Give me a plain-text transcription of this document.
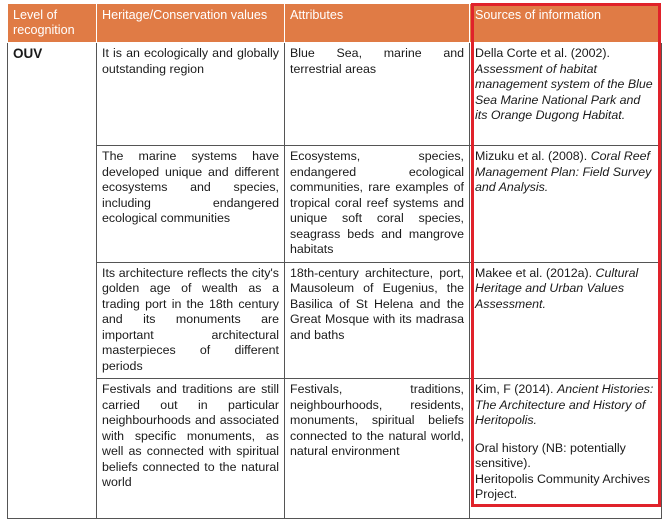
Level of recognition	Heritage/Conservation values	Attributes	Sources of information
OUV	It is an ecologically and globally outstanding region	Blue Sea, marine and terrestrial areas	Della Corte et al. (2002). Assessment of habitat management system of the Blue Sea Marine National Park and its Orange Dugong Habitat.
	The marine systems have developed unique and different ecosystems and species, including endangered ecological communities	Ecosystems, species, endangered ecological communities, rare examples of tropical coral reef systems and unique soft coral species, seagrass beds and mangrove habitats	Mizuku et al. (2008). Coral Reef Management Plan: Field Survey and Analysis.
	Its architecture reflects the city's golden age of wealth as a trading port in the 18th century and its monuments are important architectural masterpieces of different periods	18th-century architecture, port, Mausoleum of Eugenius, the Basilica of St Helena and the Great Mosque with its madrasa and baths	Makee et al. (2012a). Cultural Heritage and Urban Values Assessment.
	Festivals and traditions are still carried out in particular neighbourhoods and associated with specific monuments, as well as connected with spiritual beliefs connected to the natural world	Festivals, traditions, neighbourhoods, residents, monuments, spiritual beliefs connected to the natural world, natural environment	Kim, F (2014). Ancient Histories: The Architecture and History of Heritopolis.
Oral history (NB: potentially sensitive).
Heritopolis Community Archives Project.
